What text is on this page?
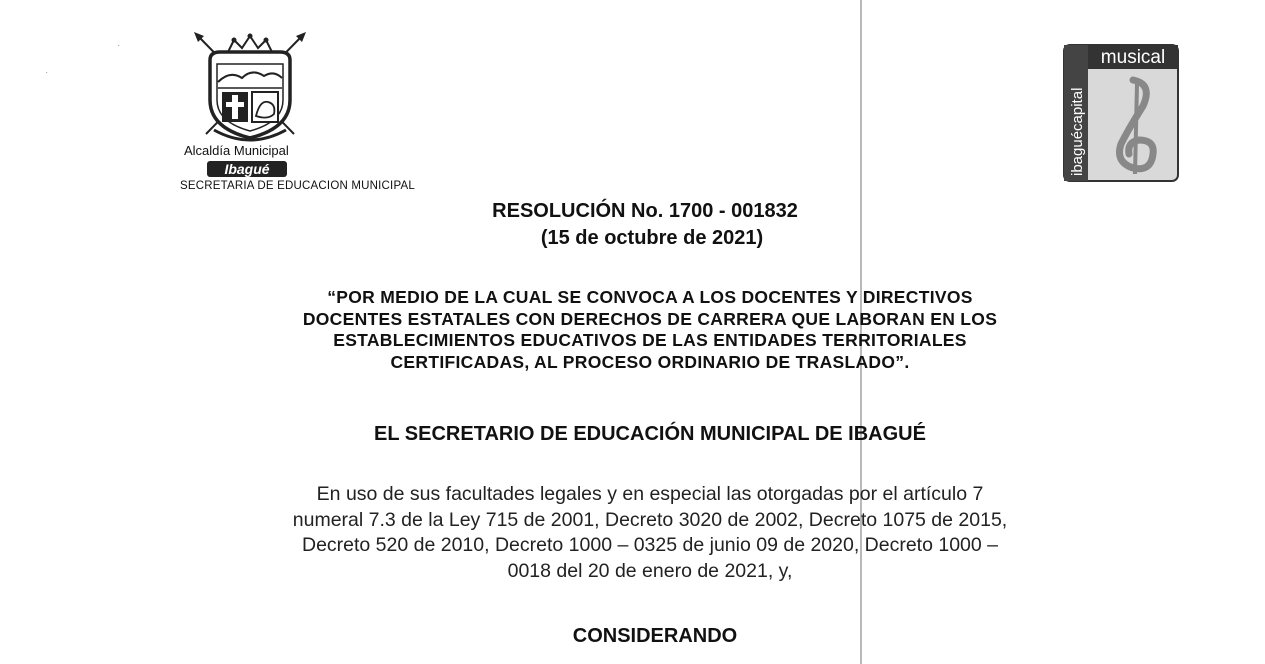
·
·
Alcaldía Municipal
Ibagué
SECRETARIA DE EDUCACION MUNICIPAL
musical
ibaguécapital
RESOLUCIÓN No. 1700 - 001832
(15 de octubre de 2021)
“POR MEDIO DE LA CUAL SE CONVOCA A LOS DOCENTES Y DIRECTIVOS
DOCENTES ESTATALES CON DERECHOS DE CARRERA QUE LABORAN EN LOS
ESTABLECIMIENTOS EDUCATIVOS DE LAS ENTIDADES TERRITORIALES
CERTIFICADAS, AL PROCESO ORDINARIO DE TRASLADO”.
EL SECRETARIO DE EDUCACIÓN MUNICIPAL DE IBAGUÉ
En uso de sus facultades legales y en especial las otorgadas por el artículo 7
numeral 7.3 de la Ley 715 de 2001, Decreto 3020 de 2002, Decreto 1075 de 2015,
Decreto 520 de 2010, Decreto 1000 – 0325 de junio 09 de 2020, Decreto 1000 –
0018 del 20 de enero de 2021, y,
CONSIDERANDO
